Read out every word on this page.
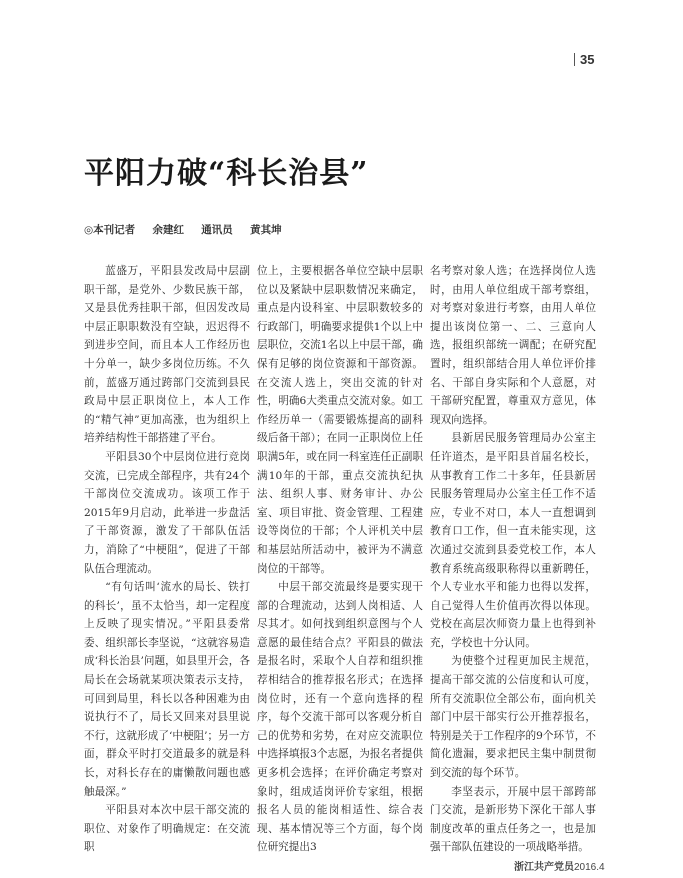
35
平阳力破“科长治县”
◎本刊记者 余建红 通讯员 黄其坤

蓝盛万，平阳县发改局中层副职干部，是党外、少数民族干部，又是县优秀挂职干部，但因发改局中层正职职数没有空缺，迟迟得不到进步空间，而且本人工作经历也十分单一，缺少多岗位历练。不久前，蓝盛万通过跨部门交流到县民政局中层正职岗位上，本人工作的“精气神”更加高涨，也为组织上培养结构性干部搭建了平台。

平阳县30个中层岗位进行竞岗交流，已完成全部程序，共有24个干部岗位交流成功。该项工作于2015年9月启动，此举进一步盘活了干部资源，激发了干部队伍活力，消除了“中梗阻”，促进了干部队伍合理流动。

“有句话叫‘流水的局长、铁打的科长’，虽不太恰当，却一定程度上反映了现实情况。”平阳县委常委、组织部长李坚说，“这就容易造成‘科长治县’问题，如县里开会，各局长在会场就某项决策表示支持，可回到局里，科长以各种困难为由说执行不了，局长又回来对县里说不行，这就形成了‘中梗阻’；另一方面，群众平时打交道最多的就是科长，对科长存在的庸懒散问题也感触最深。”

平阳县对本次中层干部交流的职位、对象作了明确规定：在交流职

位上，主要根据各单位空缺中层职位以及紧缺中层职数情况来确定，重点是内设科室、中层职数较多的行政部门，明确要求提供1个以上中层职位，交流1名以上中层干部，确保有足够的岗位资源和干部资源。在交流人选上，突出交流的针对性，明确6大类重点交流对象。如工作经历单一（需要锻炼提高的副科级后备干部）；在同一正职岗位上任职满5年，或在同一科室连任正副职满10年的干部，重点交流执纪执法、组织人事、财务审计、办公室、项目审批、资金管理、工程建设等岗位的干部；个人评机关中层和基层站所活动中，被评为不满意岗位的干部等。

中层干部交流最终是要实现干部的合理流动，达到人岗相适、人尽其才。如何找到组织意图与个人意愿的最佳结合点？平阳县的做法是报名时，采取个人自荐和组织推荐相结合的推荐报名形式；在选择岗位时，还有一个意向选择的程序，每个交流干部可以客观分析自己的优势和劣势，在对应交流职位中选择填报3个志愿，为报名者提供更多机会选择；在评价确定考察对象时，组成适岗评价专家组，根据报名人员的能岗相适性、综合表现、基本情况等三个方面，每个岗位研究提出3

名考察对象人选；在选择岗位人选时，由用人单位组成干部考察组，对考察对象进行考察，由用人单位提出该岗位第一、二、三意向人选，报组织部统一调配；在研究配置时，组织部结合用人单位评价排名、干部自身实际和个人意愿，对干部研究配置，尊重双方意见，体现双向选择。

县新居民服务管理局办公室主任许道杰，是平阳县首届名校长，从事教育工作二十多年，任县新居民服务管理局办公室主任工作不适应，专业不对口，本人一直想调到教育口工作，但一直未能实现，这次通过交流到县委党校工作，本人教育系统高级职称得以重新聘任，个人专业水平和能力也得以发挥，自己觉得人生价值再次得以体现。党校在高层次师资力量上也得到补充，学校也十分认同。

为使整个过程更加民主规范，提高干部交流的公信度和认可度，所有交流职位全部公布，面向机关部门中层干部实行公开推荐报名，特别是关于工作程序的9个环节，不简化遗漏，要求把民主集中制贯彻到交流的每个环节。

李坚表示，开展中层干部跨部门交流，是新形势下深化干部人事制度改革的重点任务之一，也是加强干部队伍建设的一项战略举措。

浙江共产党员2016.4
